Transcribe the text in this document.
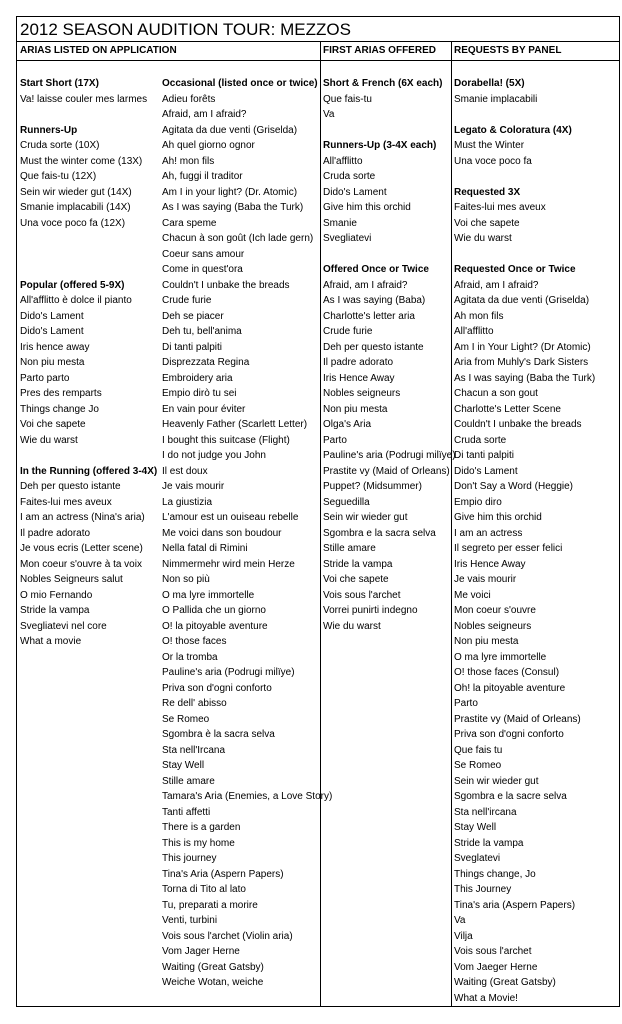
2012 SEASON AUDITION TOUR: MEZZOS
ARIAS LISTED ON APPLICATION	FIRST ARIAS OFFERED	REQUESTS BY PANEL
Start Short (17X)
Va! laisse couler mes larmes
Runners-Up
Cruda sorte (10X)
Must the winter come (13X)
Que fais-tu (12X)
Sein wir wieder gut (14X)
Smanie implacabili (14X)
Una voce poco fa (12X)
Popular (offered 5-9X)
All'afflitto è dolce il pianto
Dido's Lament
Dido's Lament
Iris hence away
Non piu mesta
Parto parto
Pres des remparts
Things change Jo
Voi che sapete
Wie du warst
In the Running (offered 3-4X)
Deh per questo istante
Faites-lui mes aveux
I am an actress (Nina's aria)
Il padre adorato
Je vous ecris (Letter scene)
Mon coeur s'ouvre à ta voix
Nobles Seigneurs salut
O mio Fernando
Stride la vampa
Svegliatevi nel core
What a movie
Occasional (listed once or twice)
Adieu forêts
Afraid, am I afraid?
Agitata da due venti (Griselda)
Ah quel giorno ognor
Ah! mon fils
Ah, fuggi il traditor
Am I in your light? (Dr. Atomic)
As I was saying (Baba the Turk)
Cara speme
Chacun à son goût (Ich lade gern)
Coeur sans amour
Come in quest'ora
Couldn't I unbake the breads
Crude furie
Deh se piacer
Deh tu, bell'anima
Di tanti palpiti
Disprezzata Regina
Embroidery aria
Empio dirò tu sei
En vain pour éviter
Heavenly Father (Scarlett Letter)
I bought this suitcase (Flight)
I do not judge you John
Il est doux
Je vais mourir
La giustizia
L'amour est un ouiseau rebelle
Me voici dans son boudour
Nella fatal di Rimini
Nimmermehr wird mein Herze
Non so più
O ma lyre immortelle
O Pallida che un giorno
O! la pitoyable aventure
O! those faces
Or la tromba
Pauline's aria (Podrugi milïye)
Priva son d'ogni conforto
Re dell' abisso
Se Romeo
Sgombra è la sacra selva
Sta nell'Ircana
Stay Well
Stille amare
Tamara's Aria (Enemies, a Love Story)
Tanti affetti
There is a garden
This is my home
This journey
Tina's Aria (Aspern Papers)
Torna di Tito al lato
Tu, preparati a morire
Venti, turbini
Vois sous l'archet (Violin aria)
Vom Jager Herne
Waiting (Great Gatsby)
Weiche Wotan, weiche
Short & French (6X each)
Que fais-tu
Va
Runners-Up (3-4X each)
All'afflitto
Cruda sorte
Dido's Lament
Give him this orchid
Smanie
Svegliatevi
Offered Once or Twice
Afraid, am I afraid?
As I was saying (Baba)
Charlotte's letter aria
Crude furie
Deh per questo istante
Il padre adorato
Iris Hence Away
Nobles seigneurs
Non piu mesta
Olga's Aria
Parto
Pauline's aria (Podrugi milïye)
Prastite vy (Maid of Orleans)
Puppet? (Midsummer)
Seguedilla
Sein wir wieder gut
Sgombra e la sacra selva
Stille amare
Stride la vampa
Voi che sapete
Vois sous l'archet
Vorrei punirti indegno
Wie du warst
Dorabella! (5X)
Smanie implacabili
Legato & Coloratura (4X)
Must the Winter
Una voce poco fa
Requested 3X
Faites-lui mes aveux
Voi che sapete
Wie du warst
Requested Once or Twice
Afraid, am I afraid?
Agitata da due venti (Griselda)
Ah mon fils
All'afflitto
Am I in Your Light? (Dr Atomic)
Aria from Muhly's Dark Sisters
As I was saying (Baba the Turk)
Chacun a son gout
Charlotte's Letter Scene
Couldn't I unbake the breads
Cruda sorte
Di tanti palpiti
Dido's Lament
Don't Say a Word (Heggie)
Empio diro
Give him this orchid
I am an actress
Il segreto per esser felici
Iris Hence Away
Je vais mourir
Me voici
Mon coeur s'ouvre
Nobles seigneurs
Non piu mesta
O ma lyre immortelle
O! those faces (Consul)
Oh! la pitoyable aventure
Parto
Prastite vy (Maid of Orleans)
Priva son d'ogni conforto
Que fais tu
Se Romeo
Sein wir wieder gut
Sgombra e la sacre selva
Sta nell'ircana
Stay Well
Stride la vampa
Sveglatevi
Things change, Jo
This Journey
Tina's aria (Aspern Papers)
Va
Vilja
Vois sous l'archet
Vom Jaeger Herne
Waiting (Great Gatsby)
What a Movie!
